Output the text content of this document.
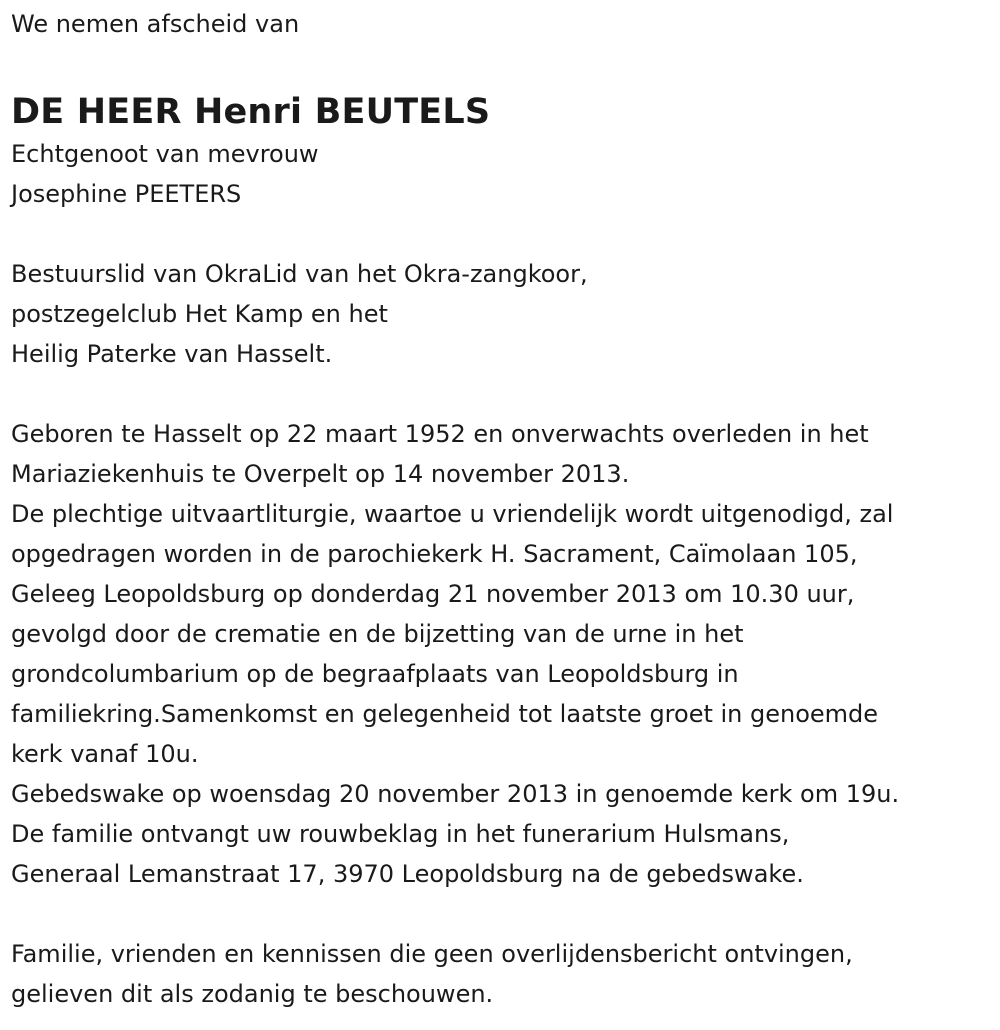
We nemen afscheid van
DE HEER Henri BEUTELS
Echtgenoot van mevrouw
Josephine PEETERS
Bestuurslid van OkraLid van het Okra-zangkoor,
postzegelclub Het Kamp en het
Heilig Paterke van Hasselt.
Geboren te Hasselt op 22 maart 1952 en onverwachts overleden in het
Mariaziekenhuis te Overpelt op 14 november 2013.
De plechtige uitvaartliturgie, waartoe u vriendelijk wordt uitgenodigd, zal
opgedragen worden in de parochiekerk H. Sacrament, Caïmolaan 105,
Geleeg Leopoldsburg op donderdag 21 november 2013 om 10.30 uur,
gevolgd door de crematie en de bijzetting van de urne in het
grondcolumbarium op de begraafplaats van Leopoldsburg in
familiekring.Samenkomst en gelegenheid tot laatste groet in genoemde
kerk vanaf 10u.
Gebedswake op woensdag 20 november 2013 in genoemde kerk om 19u.
De familie ontvangt uw rouwbeklag in het funerarium Hulsmans,
Generaal Lemanstraat 17, 3970 Leopoldsburg na de gebedswake.
Familie, vrienden en kennissen die geen overlijdensbericht ontvingen,
gelieven dit als zodanig te beschouwen.
